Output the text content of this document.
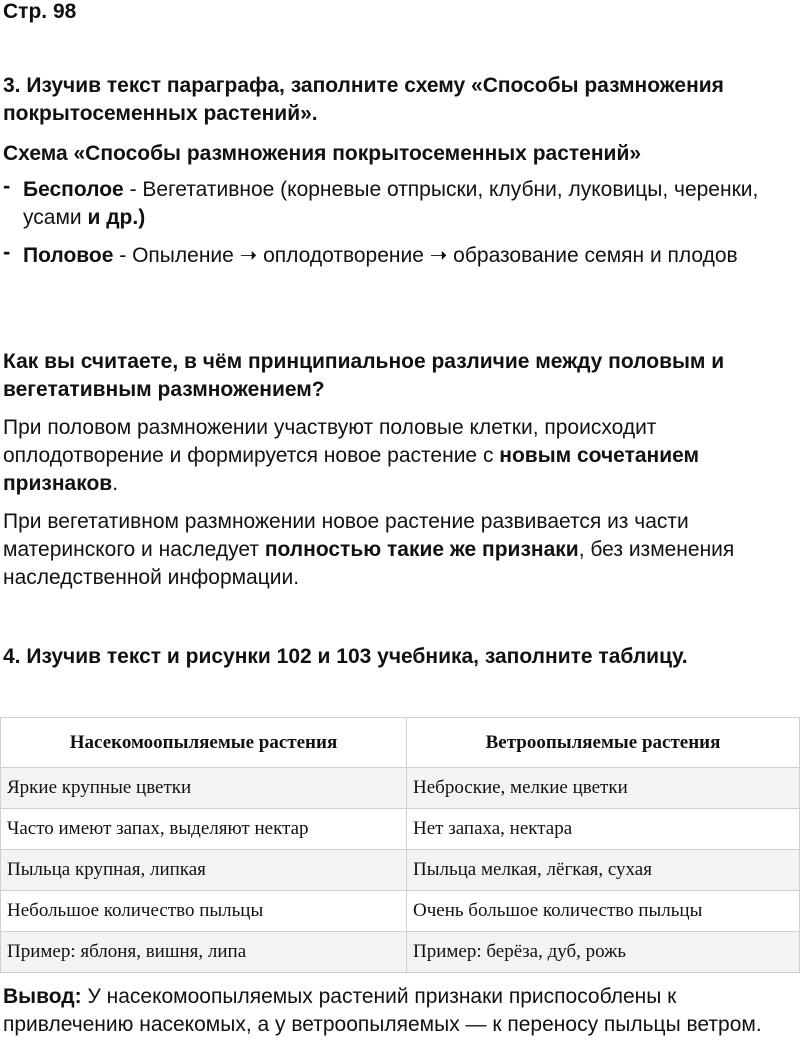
Стр. 98
3. Изучив текст параграфа, заполните схему «Способы размножения покрытосеменных растений».
Схема «Способы размножения покрытосеменных растений»
- Бесполое - Вегетативное (корневые отпрыски, клубни, луковицы, черенки, усами и др.)
- Половое - Опыление ➝ оплодотворение ➝ образование семян и плодов
Как вы считаете, в чём принципиальное различие между половым и вегетативным размножением?
При половом размножении участвуют половые клетки, происходит оплодотворение и формируется новое растение с новым сочетанием признаков.
При вегетативном размножении новое растение развивается из части материнского и наследует полностью такие же признаки, без изменения наследственной информации.
4. Изучив текст и рисунки 102 и 103 учебника, заполните таблицу.
Насекомоопыляемые растения	Ветроопыляемые растения
Яркие крупные цветки	Неброские, мелкие цветки
Часто имеют запах, выделяют нектар	Нет запаха, нектара
Пыльца крупная, липкая	Пыльца мелкая, лёгкая, сухая
Небольшое количество пыльцы	Очень большое количество пыльцы
Пример: яблоня, вишня, липа	Пример: берёза, дуб, рожь
Вывод: У насекомоопыляемых растений признаки приспособлены к привлечению насекомых, а у ветроопыляемых — к переносу пыльцы ветром.
